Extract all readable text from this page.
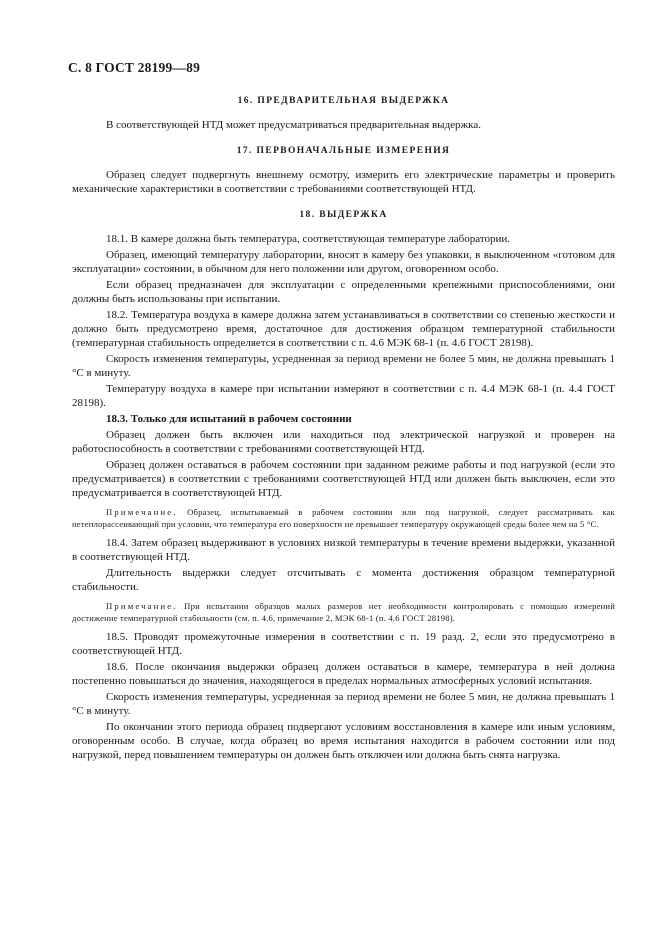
С. 8 ГОСТ 28199—89
16. ПРЕДВАРИТЕЛЬНАЯ ВЫДЕРЖКА
В соответствующей НТД может предусматриваться предварительная выдержка.
17. ПЕРВОНАЧАЛЬНЫЕ ИЗМЕРЕНИЯ
Образец следует подвергнуть внешнему осмотру, измерить его электрические параметры и проверить механические характеристики в соответствии с требованиями соответствующей НТД.
18. ВЫДЕРЖКА
18.1. В камере должна быть температура, соответствующая температуре лаборатории.
Образец, имеющий температуру лаборатории, вносят в камеру без упаковки, в выключенном «готовом для эксплуатации» состоянии, в обычном для него положении или другом, оговоренном особо.
Если образец предназначен для эксплуатации с определенными крепежными приспособлениями, они должны быть использованы при испытании.
18.2. Температура воздуха в камере должна затем устанавливаться в соответствии со степенью жесткости и должно быть предусмотрено время, достаточное для достижения образцом температурной стабильности (температурная стабильность определяется в соответствии с п. 4.6 МЭК 68-1 (п. 4.6 ГОСТ 28198).
Скорость изменения температуры, усредненная за период времени не более 5 мин, не должна превышать 1 °С в минуту.
Температуру воздуха в камере при испытании измеряют в соответствии с п. 4.4 МЭК 68-1 (п. 4.4 ГОСТ 28198).
18.3. Только для испытаний в рабочем состоянии
Образец должен быть включен или находиться под электрической нагрузкой и проверен на работоспособность в соответствии с требованиями соответствующей НТД.
Образец должен оставаться в рабочем состоянии при заданном режиме работы и под нагрузкой (если это предусматривается) в соответствии с требованиями соответствующей НТД или должен быть выключен, если это предусматривается в соответствующей НТД.
Примечание. Образец, испытываемый в рабочем состоянии или под нагрузкой, следует рассматривать как нетеплорассеивающий при условии, что температура его поверхности не превышает температуру окружающей среды более чем на 5 °С.
18.4. Затем образец выдерживают в условиях низкой температуры в течение времени выдержки, указанной в соответствующей НТД.
Длительность выдержки следует отсчитывать с момента достижения образцом температурной стабильности.
Примечание. При испытании образцов малых размеров нет необходимости контролировать с помощью измерений достижение температурной стабильности (см. п. 4.6, примечание 2, МЭК 68-1 (п. 4.6 ГОСТ 28198).
18.5. Проводят промежуточные измерения в соответствии с п. 19 разд. 2, если это предусмотрено в соответствующей НТД.
18.6. После окончания выдержки образец должен оставаться в камере, температура в ней должна постепенно повышаться до значения, находящегося в пределах нормальных атмосферных условий испытания.
Скорость изменения температуры, усредненная за период времени не более 5 мин, не должна превышать 1 °С в минуту.
По окончании этого периода образец подвергают условиям восстановления в камере или иным условиям, оговоренным особо. В случае, когда образец во время испытания находится в рабочем состоянии или под нагрузкой, перед повышением температуры он должен быть отключен или должна быть снята нагрузка.
